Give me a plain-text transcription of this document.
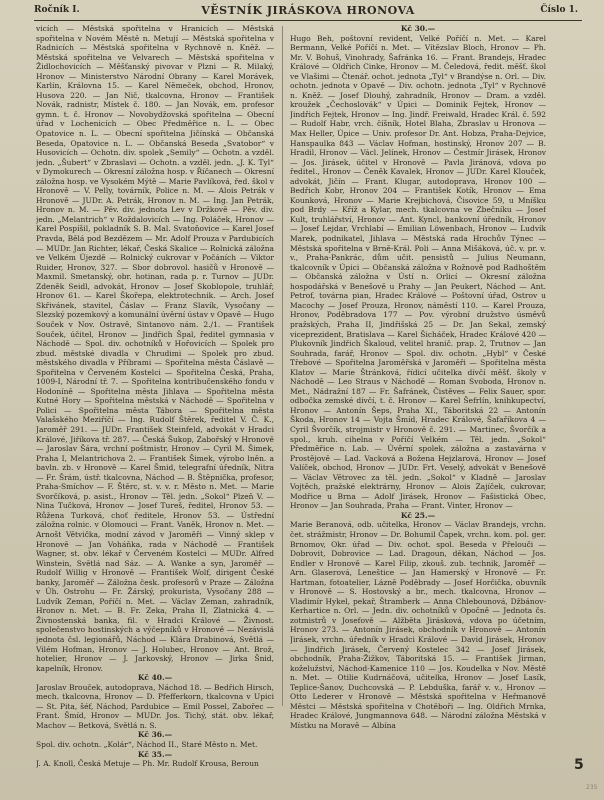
Ročník I.	VĚSTNÍK JIRÁSKOVA HRONOVA	Číslo 1.

vicích — Městská spořitelna v Hranicích — Městská spořitelna v Novém Městě n. Metují — Městská spořitelna v Radnicích — Městská spořitelna v Rychnově n. Kněž. — Městská spořitelna ve Velvarech — Městská spořitelna v Židlochovicích — Měšťanský pivovar v Plzni — R. Milaký, Hronov — Ministerstvo Národní Obrany — Karel Morávek, Karlín, Královna 15. — Karel Němeček, obchod, Hronov, Husova 220. — Jan Nič, tkalcovna, Hronov — František Novák, radnistr, Místek č. 180. — Jan Novák, em. profesor gymn. t. č. Hronov — Novobydžovská spořitelna — Obecní úřad v Lochenicích — Obec Předměřice n. L. — Obec Opatovice n. L. — Obecní spořitelna Jičínská — Občanská Beseda, Opatovice n. L. — Občanská Beseda „Svatobor“ v Husovicích — Ochotn. div. spolek „Semily“ — Ochotn. a vzděl. jedn. „Šubert“ v Zbraslavi — Ochotn. a vzděl. jedn. „J. K. Tyl“ v Dymokurech — Okresní záložna hosp. v Říčanech — Okresní záložna hosp. ve Vysokém Mýtě — Marie Pavlíková, řed. škol v Hronově — V. Pelly, továrník, Police n. M. — Alois Petrák v Hronově — JUDr. A. Petrák, Hronov n. M. — Ing. Jan Petrák, Hronov n. M. — Pěv. div. jednota Lev v Držkově — Pěv. div. jedn. „Melantrich“ v Roždalovicích — Ing. Poláček, Hronov — Karel Pospíšil, pokladník S. B. Mal. Svatoňovice — Karel Josef Pravda, Bělá pod Bezdězem — Mr. Adolf Prouza v Pardubicích — MUDr. Jan Richter, lékař, Česká Skalice — Rolnická záložna ve Velkém Újezdě — Rolnický cukrovar v Počáních — Viktor Ruider, Hronov, 327. — Sbor dobrovol. hasičů v Hronově — Maxmil. Smetanský, obr. hotinan, rada p. r. Turnov — JUDr. Zdeněk Seidl, advokát, Hronov — Josef Skoblopole, truhlář, Hronov 61. — Karel Škořepa, elektrotechnik. — Arch. Josef Skřivánek, stavitel, Čáslav — Franz Slavík, Vysočany — Slezský pozemkový a komunální úvěrní ústav v Opavě — Hugo Souček v Nov. Ostravě, Sintanovo nám. 2./1. — František Souček, účitel, Hronov — Jindřich Špal, ředitel gymnasia v Náchodě — Spol. div. ochotníků v Hořovicích — Spolek pro zbud. městské divadla v Chrudimi — Spolek pro zbud. městského divadla v Příbrami — Spořitelna města Čáslavě — Spořitelna v Červeném Kostelci — Spořitelna Česká, Praha, 1009-I, Národní tř. 7. — Spořitelna kontribučenského fondu v Hodoníně — Spořitelna města Jihlava — Spořitelna města Kutné Hory — Spořitelna městská v Náchodě — Spořitelna v Polici — Spořitelna města Tábora — Spořitelna města Valašského Meziříčí — Ing. Rudolf Štěrek, ředitel V. Č. K., Jaroměř 291. — JUDr. František Steinfeld, advokát v Hradci Králové, Jiříkova tř. 287. — Česká Šukop, Zabořský v Hronově — Jaroslav Šára, vrchní poštmistr, Hronov — Cyril M. Šimek, Praha I, Melantrichova 2. — František Šimek, výrobo lněn. a bavln. zb. v Hronově — Karel Šmid, telegrafní úředník, Nitra — Fr. Šrám, ústř. tkalcovna, Náchod — B. Štěpnička, profesor, Praha-Smíchov — F. Štěrc, st. v. v. r. Město n. Met. — Marie Svorčíková, p. asist., Hronov — Těl. jedn. „Sokol“ Plzeň V. — Nina Tučková, Hronov — Josef Tureš, ředitel, Hronov 53. — Růžena Turková, choť ředitele, Hronov 53. — Ústřední záložna rolnic. v Olomouci — Frant. Vaněk, Hronov n. Met. — Arnošt Větvička, modní závod v Jaroměři — Vinný sklep v Hronově — Jan Voháňka, rada v Náchodě — František Wagner, st. obv. lékař v Červeném Kostelci — MUDr. Alfred Winstein, Světlá nad Sáz. — A. Wanke a syn, Jaroměř — Rudolf Willig v Hronově — František Wolf, dirigent České banky, Jaroměř — Záložna česk. profesorů v Praze — Záložna v Úh. Ostrohu — Fr. Žárský, prokurista, Vysočany 288 — Ludvík Zeman, Poříčí n. Met. — Václav Zeman, zahradník, Hronov n. Met. — B. Fr. Zeka, Praha II, Zlatnická 4. — Živnostenská banka, fil. v Hradci Králové — Živnost. společenstvo hostinských a výčepníků v Hronově — Nezávislá jednota čsl. legionářů, Náchod — Klára Drabinová, Světlá — Vilém Hofman, Hronov — J. Holubec, Hronov — Ant. Brož, hotelier, Hronov — J. Jarkovský, Hronov — Jirka Šnid, kapelník, Hronov.

Kč 40.—

Jaroslav Brouček, autodoprava, Náchod 18. — Bedřich Hirsch, mech. tkalcovna, Hronov — D. Pfefferkorn, tkalcovna v Upici — St. Pita, šéf, Náchod, Pardubice — Emil Possel, Zabořec — Frant. Šmíd, Hronov — MUDr. Jos. Tichý, stát. obv. lékař, Machov — Betková, Světlá n. S.

Kč 36.—

Spol. div. ochotn. „Kolár“, Náchod II., Staré Město n. Met.

Kč 35.—

J. A. Knoll, Česká Metuje — Ph. Mr. Rudolf Krousa, Beroun

Kč 30.—

Hugo Beh, poštovní revident, Velké Poříčí n. Met. — Karel Bermann, Velké Poříčí n. Met. — Vítězslav Bloch, Hronov — Ph. Mr. V. Bohuš, Vinohrady, Šafránka 16. — Frant. Brandejs, Hradec Králové — Oldřich Cinke, Hronov — M. Čeledová, ředit. měšť. škol ve Vlašimi — Čtenář. ochot. jednota „Tyl“ v Brandýse n. Orl. — Div. ochotn. jednota v Opavě — Div. ochotn. jednota „Tyl“ v Rychnově n. Kněž. — Josef Dlouhý, zahradník, Hronov — Dram. a vzděl. kroužek „Čechoslovák“ v Úpici — Dominik Fejtek, Hronov — Jindřich Fejtek, Hronov — Ing. Jindř. Freiwald, Hradec Král. č. 592 — Rudolf Habr, vrch. číšník, Hotel Blaha, Zbraslav u Hronova — Max Heller, Úpice — Univ. profesor Dr. Ant. Hobza, Praha-Dejvice, Hanspaulka 843 — Václav Hofman, hostinský, Hronov 207 — B. Hradil, Hronov — Václ. Jelínek, Hronov — Čestmír Jirásek, Hronov — Jos. Jirásek, účitel v Hronově — Pavla Jiránová, vdova po ředitel., Hronov — Čeněk Kavalek, Hronov — JUDr. Karel Klouček, advokát, Jičín — Frant. Klugar, autodoprava, Hronov 100 — Bedřich Kobr, Hronov 204 — František Kotík, Hronov — Ema Kounková, Hronov — Marie Krejbichová, Čisovice 59, u Mníšku pod Brdy — Kříž a Kylar, mech. tkalcovna ve Zbečníku — Josef Kult, truhlářství, Hronov — Ant. Kyncl, bankovní úředník, Hronov — Josef Lejdar, Vrchlabí — Emilian Löwenbach, Hronov — Ludvík Marek, podnikatel, Jihlava — Městská rada Hrochův Týnec — Městská spořitelna v Brně-Král. Poli — Anna Mišáková, úč. v. pr. v. v., Praha-Pankrác, dům učit. pensistů — Julius Neumann, tkalcovník v Úpici — Občanská záložna v Rožnově pod Radhoštěm — Občanská záložna v Ústí n. Orlicí — Okresní záložna hospodářská v Benešově u Prahy — Jan Peukert, Náchod — Ant. Petrof, továrna pian, Hradec Králové — Poštovní úřad, Ostrov u Macochy — Josef Prouza, Hronov, náměstí 110. — Karel Prouza, Hronov, Poděbradova 177 — Pov. výrobní družstvo úsměvů pražských, Praha II, Jindřišská 25 — Dr. Jan Sekal, zemský viceprezident, Bratislava — Karel Šicháček, Hradec Králové 420 — Plukovník Jindřich Škaloud, velitel hranič. prap. 2, Trutnov — Jan Souhrada, farář, Hronov — Spol. div. ochotn. „Hybl“ v České Třebové — Spořitelna Jaroměřská v Jaroměři — Spořitelna města Klatov — Marie Štránková, řídicí učitelka dívčí měšť. školy v Náchodě — Leo Straus v Náchodě — Roman Svoboda, Hronov n. Met., Nádražní 187 — Fr. Šafránek, Čistěves — Felix Sauer, spor. odbočka zemské dívčí, t. č. Hronov — Karel Šefrlín, knihkupectví, Hronov — Antonín Šeps, Praha XI., Táboritská 22 — Antonín Škoda, Hronov 14 — Vojta Šmíd, Hradec Králové, Šafaříkova 4 — Cyril Švorčík, strojmistr v Hronově č. 291. — Martinec, Švorčík a spol., kruh. cihelna v Poříčí Velkém — Těl. jedn. „Sokol“ Předměřice n. Lab. — Úvěrní spolek, záložna a zastavárna v Prostějově — Lad. Vacková a Božena Hejzlarová, Hronov — Josef Valíček, obchod, Hronov — JUDr. Frt. Veselý, advokát v Benešově — Václav Větrovec za těl. jedn. „Sokol“ v Kladně — Jaroslav Vojtěch, pražské elektrárny, Hronov — Alois Zajíček, cukrovar, Modřice u Brna — Adolf Jirásek, Hronov — Fašistická Obec, Hronov — Jan Souhrada, Praha — Frant. Vinter, Hronov —

Kč 25.—

Marie Beranová, odb. učitelka, Hronov — Václav Brandejs, vrchn. čet. strážmistr, Hronov — Dr. Bohumil Čapek, vrchn. kom. pol. ger. Brnomov, Okr. úřad — Div. ochot. spol. Beseda v Přelouči — Dobrovit, Dobrovice — Lad. Dragoun, děkan, Náchod — Jos. Endler v Hronově — Karel Filip, zkouš. zub. technik, Jaroměř — Arn. Glaserová, Leneštice — Jan Hamerský v Hronově — Fr. Hartman, fotoatelier, Lázně Poděbrady — Josef Horčička, obuvník v Hronově — S. Hostovský a br., mech. tkalcovna, Hronov — Vladimír Hykel, pekař, Štramberk — Anna Chlebounová, Džbánov-Kerhartice n. Orl. — Jedn. div. ochotníků v Opočně — Jednota čs. zotmistrů v Josefově — Alžběta Jirásková, vdova po účetním, Hronov 273. — Antonín Jirásek, obchodník v Hronově — Antonín Jirásek, vrchn. úředník v Hradci Králové — David Jirásek, Hronov — Jindřich Jirásek, Červený Kostelec 342 — Josef Jirásek, obchodník, Praha-Žižkov, Táboritská 15. — František Jirman, koželužství, Náchod-Kamenice 110 — Jos. Koudelka v Nov. Městě n. Met. — Otilie Kudrnáčová, učitelka, Hronov — Josef Lasík, Teplice-Šanov, Duchcovská — P. Lebduška, farář v. v., Hronov — Otto Lederer v Hronově — Městská spořitelna v Heřmanově Městci — Městská spořitelna v Chotěboři — Ing. Oldřich Mrnka, Hradec Králové, Jungmannova 648. — Národní záložna Městská v Místku na Moravě — Albína

5
235
